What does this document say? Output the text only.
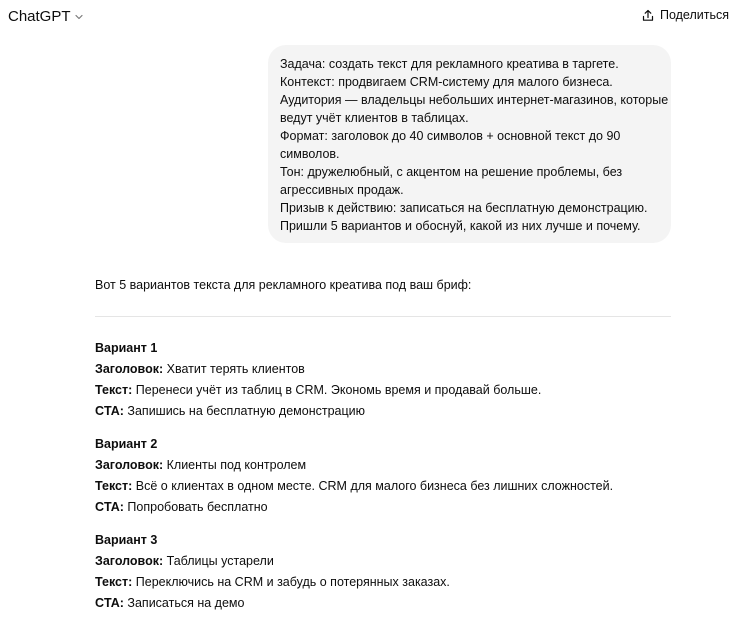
ChatGPT	Поделиться
Задача: создать текст для рекламного креатива в таргете.
Контекст: продвигаем CRM-систему для малого бизнеса.
Аудитория — владельцы небольших интернет-магазинов, которые
ведут учёт клиентов в таблицах.
Формат: заголовок до 40 символов + основной текст до 90
символов.
Тон: дружелюбный, с акцентом на решение проблемы, без
агрессивных продаж.
Призыв к действию: записаться на бесплатную демонстрацию.
Пришли 5 вариантов и обоснуй, какой из них лучше и почему.
Вот 5 вариантов текста для рекламного креатива под ваш бриф:
Вариант 1
Заголовок: Хватит терять клиентов
Текст: Перенеси учёт из таблиц в CRM. Экономь время и продавай больше.
CTA: Запишись на бесплатную демонстрацию
Вариант 2
Заголовок: Клиенты под контролем
Текст: Всё о клиентах в одном месте. CRM для малого бизнеса без лишних сложностей.
CTA: Попробовать бесплатно
Вариант 3
Заголовок: Таблицы устарели
Текст: Переключись на CRM и забудь о потерянных заказах.
CTA: Записаться на демо
